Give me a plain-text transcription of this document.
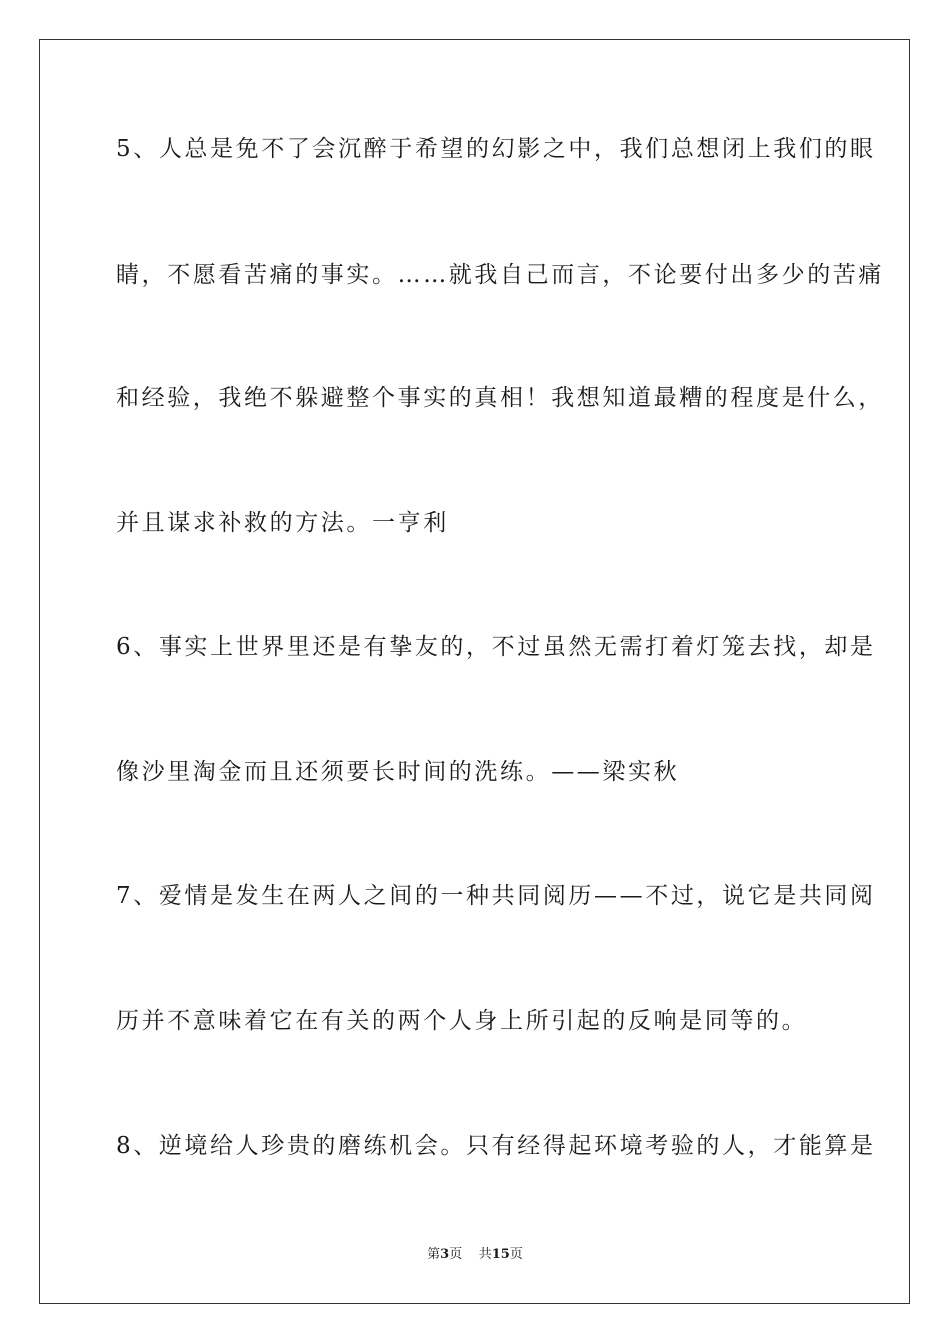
5、人总是免不了会沉醉于希望的幻影之中，我们总想闭上我们的眼
睛，不愿看苦痛的事实。……就我自己而言，不论要付出多少的苦痛
和经验，我绝不躲避整个事实的真相！我想知道最糟的程度是什么，
并且谋求补救的方法。一亨利
6、事实上世界里还是有挚友的，不过虽然无需打着灯笼去找，却是
像沙里淘金而且还须要长时间的洗练。——梁实秋
7、爱情是发生在两人之间的一种共同阅历——不过，说它是共同阅
历并不意味着它在有关的两个人身上所引起的反响是同等的。
8、逆境给人珍贵的磨练机会。只有经得起环境考验的人，才能算是
第3页 共15页
